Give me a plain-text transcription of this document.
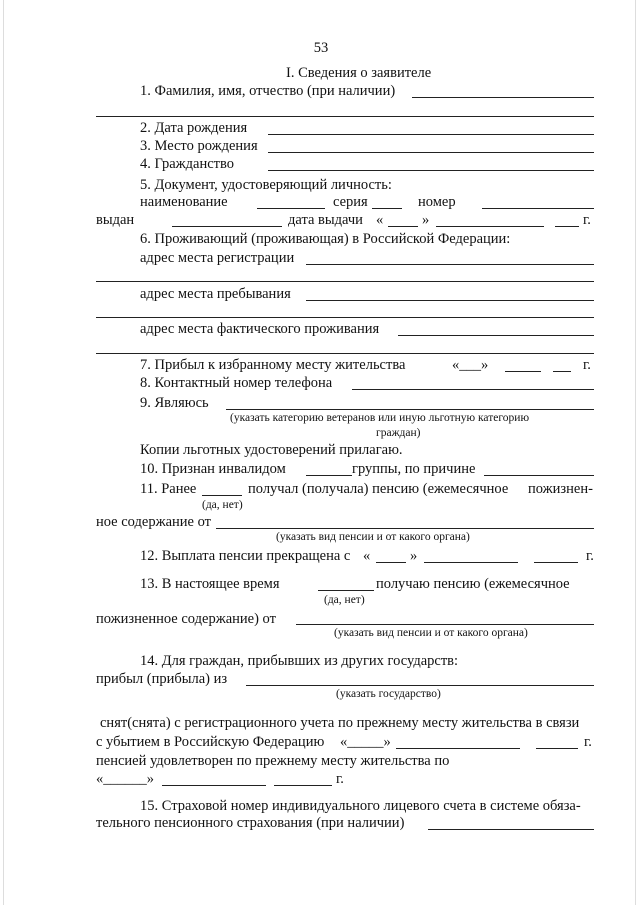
53
I. Сведения о заявителе
1. Фамилия, имя, отчество (при наличии)
2. Дата рождения
3. Место рождения
4. Гражданство
5. Документ, удостоверяющий личность:
наименование	серия	номер
выдан	дата выдачи «	»	г.
6. Проживающий (проживающая) в Российской Федерации:
адрес места регистрации
адрес места пребывания
адрес места фактического проживания
7. Прибыл к избранному месту жительства	«___»	г.
8. Контактный номер телефона
9. Являюсь
(указать категорию ветеранов или иную льготную категорию
граждан)
Копии льготных удостоверений прилагаю.
10. Признан инвалидом	группы, по причине
11. Ранее	получал (получала) пенсию (ежемесячное пожизнен-
(да, нет)
ное содержание от
(указать вид пенсии и от какого органа)
12. Выплата пенсии прекращена с «	»	г.
13. В настоящее время	получаю пенсию (ежемесячное
(да, нет)
пожизненное содержание) от
(указать вид пенсии и от какого органа)
14. Для граждан, прибывших из других государств:
прибыл (прибыла) из
(указать государство)
снят(снята) с регистрационного учета по прежнему месту жительства в связи
с убытием в Российскую Федерацию «_____»	г.
пенсией удовлетворен по прежнему месту жительства по
«______»	г.
15. Страховой номер индивидуального лицевого счета в системе обяза-
тельного пенсионного страхования (при наличии)
